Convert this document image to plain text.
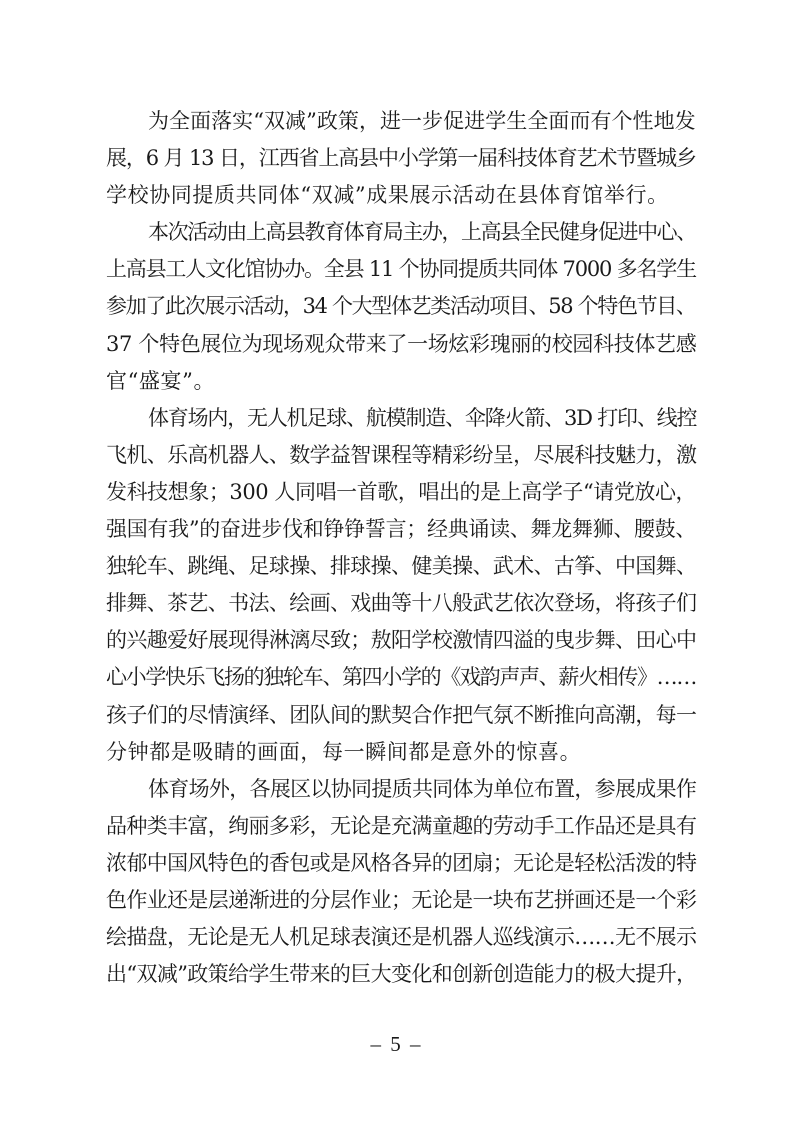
为全面落实“双减”政策，进一步促进学生全面而有个性地发

展，6 月 13 日，江西省上高县中小学第一届科技体育艺术节暨城乡

学校协同提质共同体“双减”成果展示活动在县体育馆举行。

本次活动由上高县教育体育局主办，上高县全民健身促进中心、

上高县工人文化馆协办。全县 11 个协同提质共同体 7000 多名学生

参加了此次展示活动，34 个大型体艺类活动项目、58 个特色节目、

37 个特色展位为现场观众带来了一场炫彩瑰丽的校园科技体艺感

官“盛宴”。

体育场内，无人机足球、航模制造、伞降火箭、3D 打印、线控

飞机、乐高机器人、数学益智课程等精彩纷呈，尽展科技魅力，激

发科技想象；300 人同唱一首歌，唱出的是上高学子“请党放心，

强国有我”的奋进步伐和铮铮誓言；经典诵读、舞龙舞狮、腰鼓、

独轮车、跳绳、足球操、排球操、健美操、武术、古筝、中国舞、

排舞、茶艺、书法、绘画、戏曲等十八般武艺依次登场，将孩子们

的兴趣爱好展现得淋漓尽致；敖阳学校激情四溢的曳步舞、田心中

心小学快乐飞扬的独轮车、第四小学的《戏韵声声、薪火相传》……

孩子们的尽情演绎、团队间的默契合作把气氛不断推向高潮，每一

分钟都是吸睛的画面，每一瞬间都是意外的惊喜。

体育场外，各展区以协同提质共同体为单位布置，参展成果作

品种类丰富，绚丽多彩，无论是充满童趣的劳动手工作品还是具有

浓郁中国风特色的香包或是风格各异的团扇；无论是轻松活泼的特

色作业还是层递渐进的分层作业；无论是一块布艺拼画还是一个彩

绘描盘，无论是无人机足球表演还是机器人巡线演示……无不展示

出“双减”政策给学生带来的巨大变化和创新创造能力的极大提升，

– 5 –
